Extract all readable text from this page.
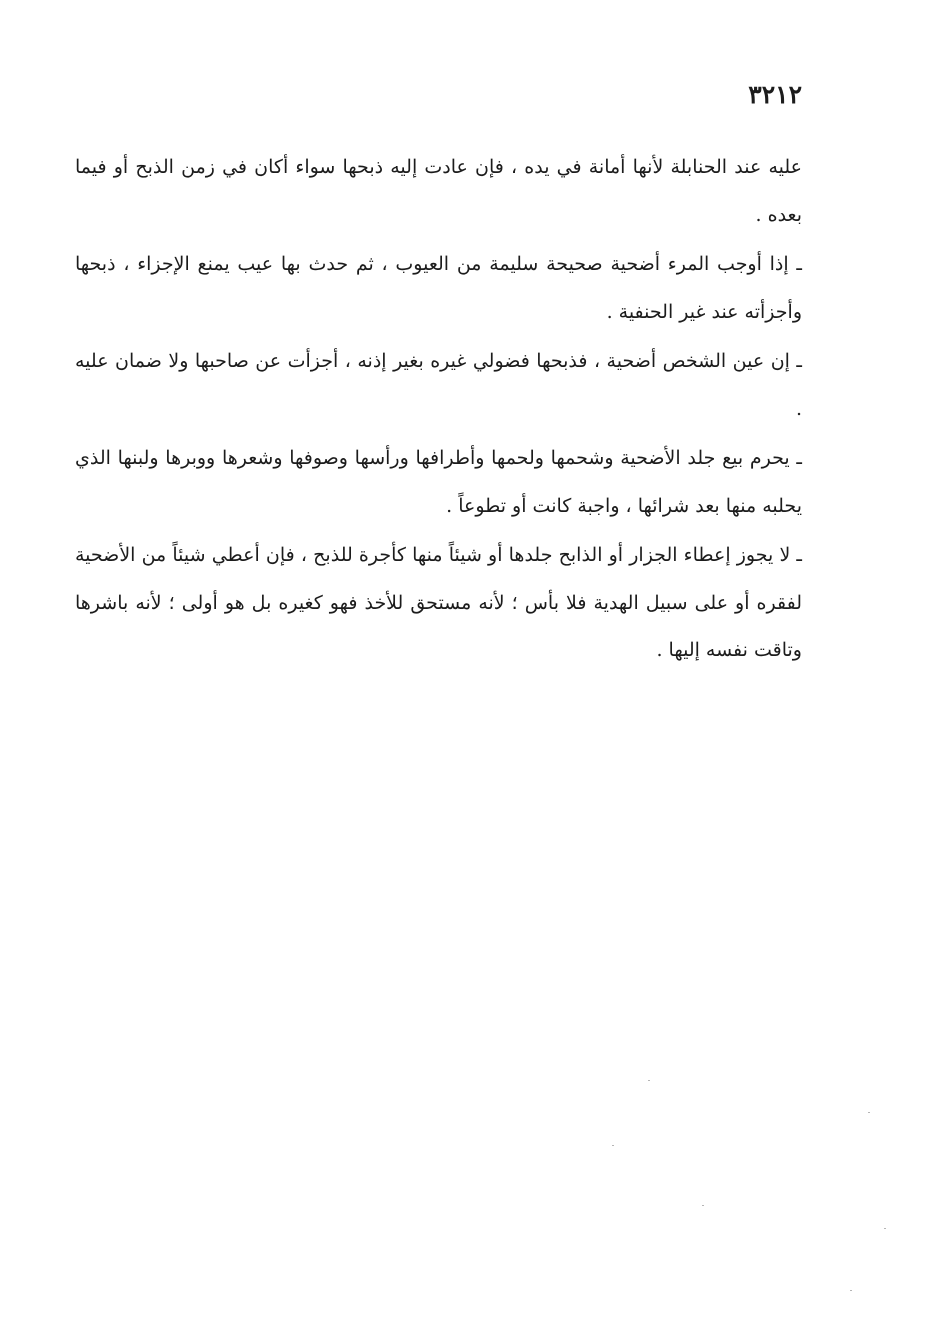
٣٢١٢

عليه عند الحنابلة لأنها أمانة في يده ، فإن عادت إليه ذبحها سواء أكان في زمن الذبح أو فيما بعده .

ـ إذا أوجب المرء أضحية صحيحة سليمة من العيوب ، ثم حدث بها عيب يمنع الإجزاء ، ذبحها وأجزأته عند غير الحنفية .

ـ إن عين الشخص أضحية ، فذبحها فضولي غيره بغير إذنه ، أجزأت عن صاحبها ولا ضمان عليه .

ـ يحرم بيع جلد الأضحية وشحمها ولحمها وأطرافها ورأسها وصوفها وشعرها ووبرها ولبنها الذي يحلبه منها بعد شرائها ، واجبة كانت أو تطوعاً .

ـ لا يجوز إعطاء الجزار أو الذابح جلدها أو شيئاً منها كأجرة للذبح ، فإن أعطي شيئاً من الأضحية لفقره أو على سبيل الهدية فلا بأس ؛ لأنه مستحق للأخذ فهو كغيره بل هو أولى ؛ لأنه باشرها وتاقت نفسه إليها .
